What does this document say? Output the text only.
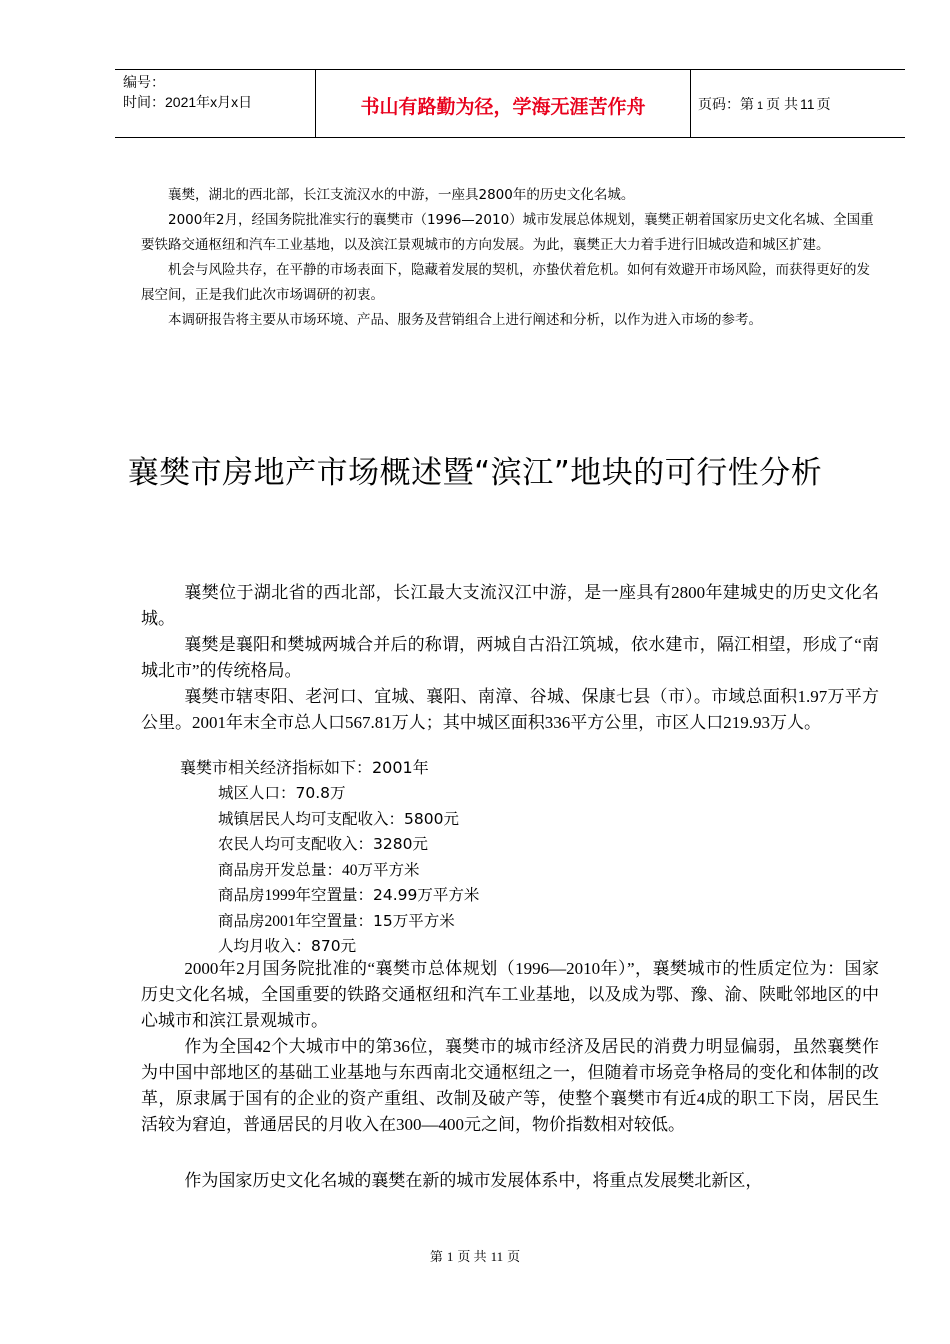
编号：
时间：2021年x月x日	书山有路勤为径，学海无涯苦作舟	页码：第 1 页 共 11 页

襄樊，湖北的西北部，长江支流汉水的中游，一座具2800年的历史文化名城。

2000年2月，经国务院批准实行的襄樊市（1996—2010）城市发展总体规划，襄樊正朝着国家历史文化名城、全国重要铁路交通枢纽和汽车工业基地，以及滨江景观城市的方向发展。为此，襄樊正大力着手进行旧城改造和城区扩建。

机会与风险共存，在平静的市场表面下，隐藏着发展的契机，亦蛰伏着危机。如何有效避开市场风险，而获得更好的发展空间，正是我们此次市场调研的初衷。

本调研报告将主要从市场环境、产品、服务及营销组合上进行阐述和分析，以作为进入市场的参考。

襄樊市房地产市场概述暨“滨江”地块的可行性分析

襄樊位于湖北省的西北部，长江最大支流汉江中游，是一座具有2800年建城史的历史文化名城。

襄樊是襄阳和樊城两城合并后的称谓，两城自古沿江筑城，依水建市，隔江相望，形成了“南城北市”的传统格局。

襄樊市辖枣阳、老河口、宜城、襄阳、南漳、谷城、保康七县（市）。市域总面积1.97万平方公里。2001年末全市总人口567.81万人；其中城区面积336平方公里，市区人口219.93万人。

襄樊市相关经济指标如下：2001年
城区人口：70.8万
城镇居民人均可支配收入：5800元
农民人均可支配收入：3280元
商品房开发总量：40万平方米
商品房1999年空置量：24.99万平方米
商品房2001年空置量：15万平方米
人均月收入：870元

2000年2月国务院批准的“襄樊市总体规划（1996—2010年）”，襄樊城市的性质定位为：国家历史文化名城，全国重要的铁路交通枢纽和汽车工业基地，以及成为鄂、豫、渝、陕毗邻地区的中心城市和滨江景观城市。

作为全国42个大城市中的第36位，襄樊市的城市经济及居民的消费力明显偏弱，虽然襄樊作为中国中部地区的基础工业基地与东西南北交通枢纽之一，但随着市场竞争格局的变化和体制的改革，原隶属于国有的企业的资产重组、改制及破产等，使整个襄樊市有近4成的职工下岗，居民生活较为窘迫，普通居民的月收入在300—400元之间，物价指数相对较低。

作为国家历史文化名城的襄樊在新的城市发展体系中，将重点发展樊北新区，

第 1 页 共 11 页
